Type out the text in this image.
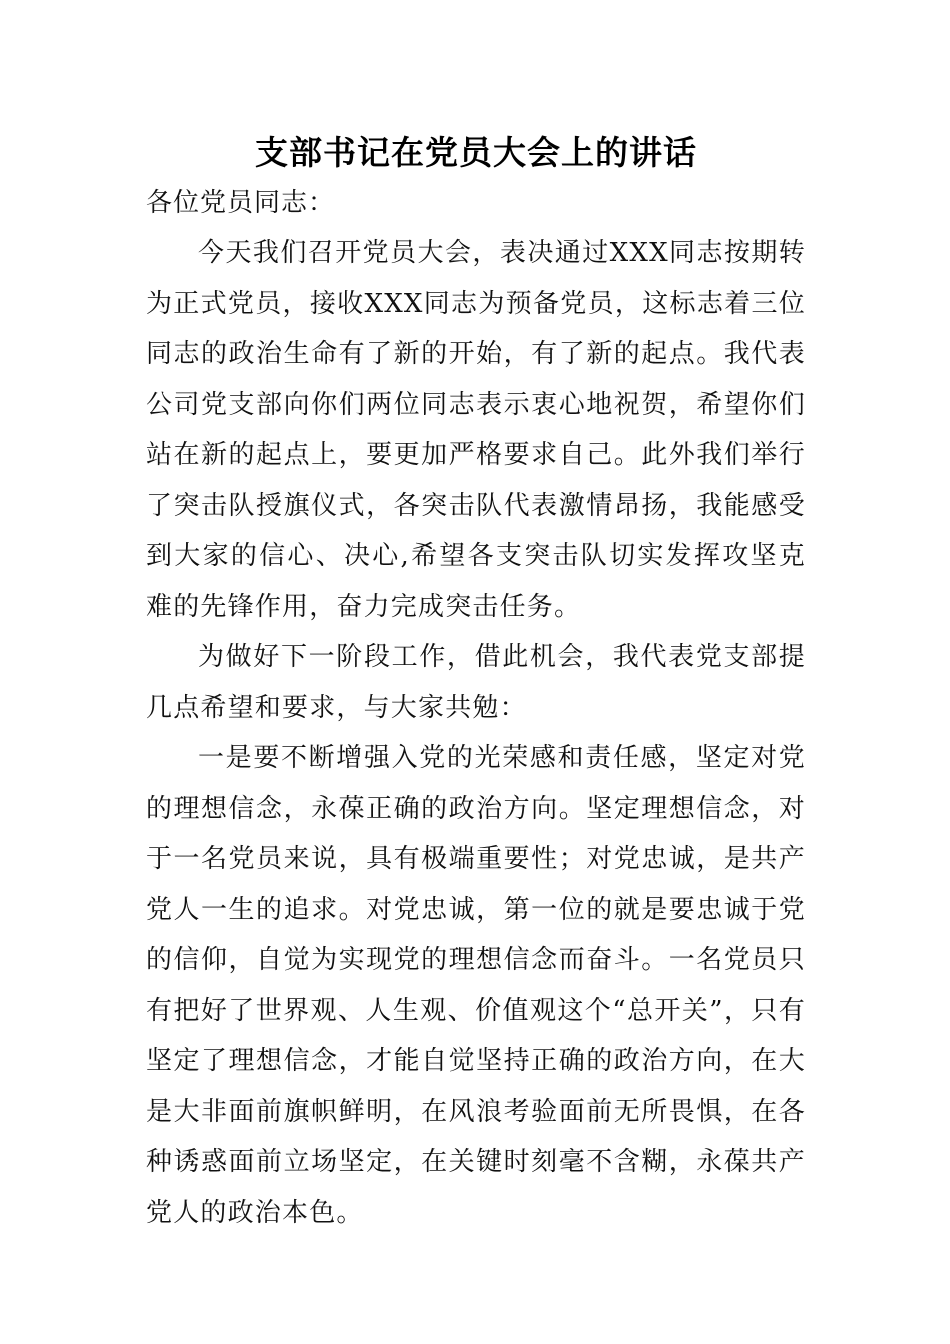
支部书记在党员大会上的讲话

各位党员同志：

今天我们召开党员大会，表决通过XXX同志按期转为正式党员，接收XXX同志为预备党员，这标志着三位同志的政治生命有了新的开始，有了新的起点。我代表公司党支部向你们两位同志表示衷心地祝贺，希望你们站在新的起点上，要更加严格要求自己。此外我们举行了突击队授旗仪式，各突击队代表激情昂扬，我能感受到大家的信心、决心,希望各支突击队切实发挥攻坚克难的先锋作用，奋力完成突击任务。

为做好下一阶段工作，借此机会，我代表党支部提几点希望和要求，与大家共勉：

一是要不断增强入党的光荣感和责任感，坚定对党的理想信念，永葆正确的政治方向。坚定理想信念，对于一名党员来说，具有极端重要性；对党忠诚，是共产党人一生的追求。对党忠诚，第一位的就是要忠诚于党的信仰，自觉为实现党的理想信念而奋斗。一名党员只有把好了世界观、人生观、价值观这个“总开关”，只有坚定了理想信念，才能自觉坚持正确的政治方向，在大是大非面前旗帜鲜明，在风浪考验面前无所畏惧，在各种诱惑面前立场坚定，在关键时刻毫不含糊，永葆共产党人的政治本色。
